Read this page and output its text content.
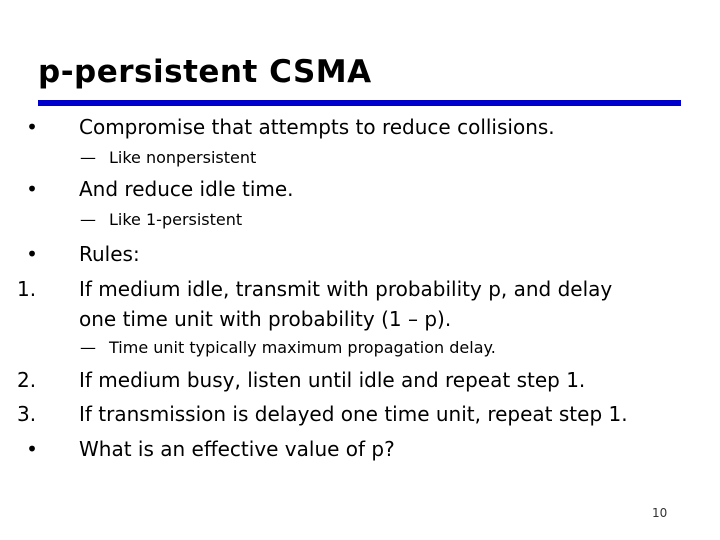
p-persistent CSMA
• Compromise that attempts to reduce collisions.
— Like nonpersistent
• And reduce idle time.
— Like 1-persistent
• Rules:
1.	If medium idle, transmit with probability p, and delay
one time unit with probability (1 – p).
— Time unit typically maximum propagation delay.
2.	If medium busy, listen until idle and repeat step 1.
3.	If transmission is delayed one time unit, repeat step 1.
• What is an effective value of p?
10
